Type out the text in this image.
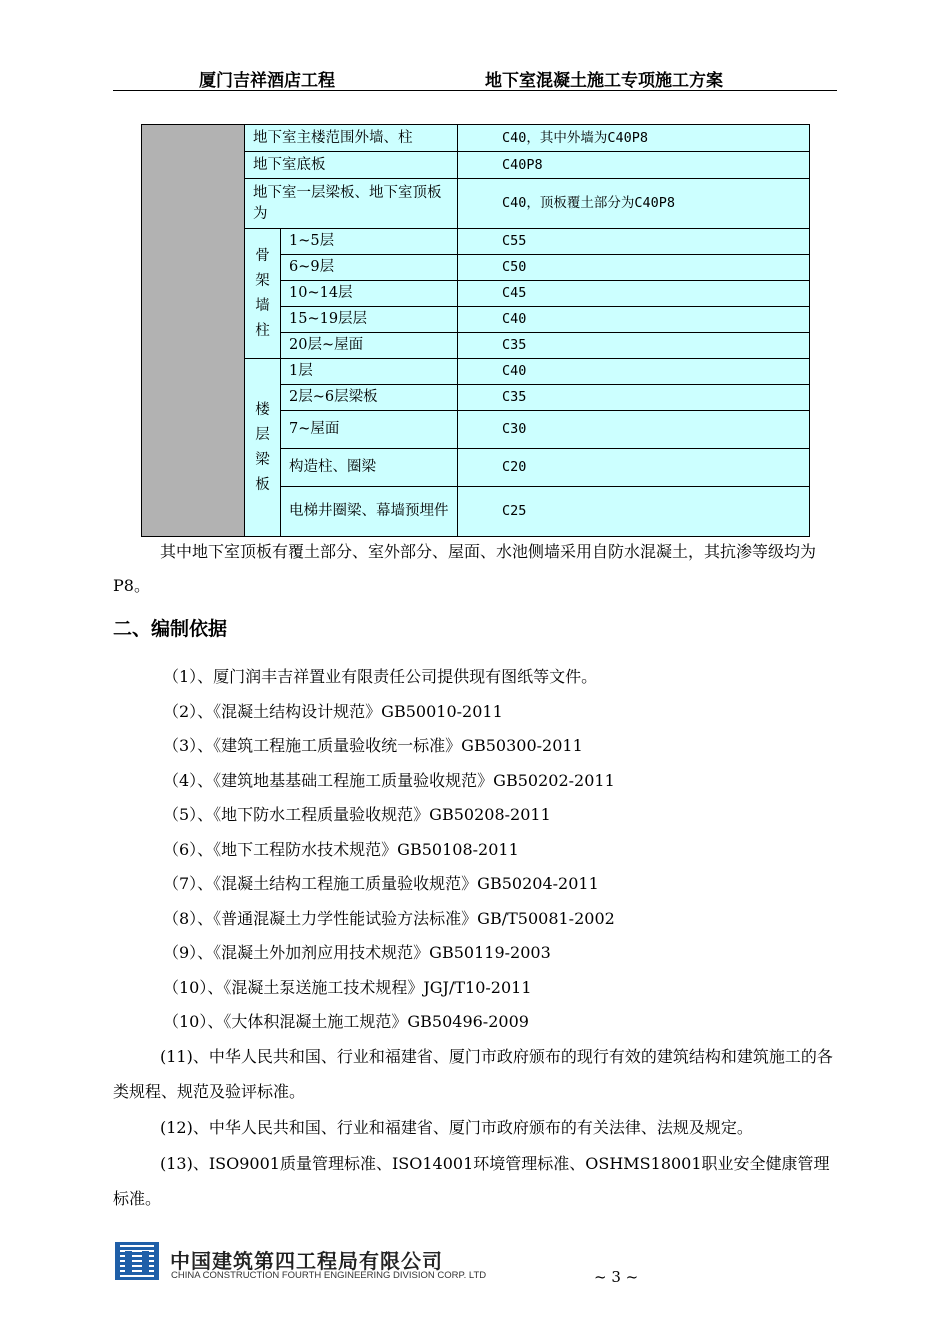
厦门吉祥酒店工程	地下室混凝土施工专项施工方案
	地下室主楼范围外墙、柱		C40，其中外墙为C40P8
	地下室底板		C40P8
	地下室一层梁板、地下室顶板为		C40，顶板覆土部分为C40P8

	骨架墙柱	1~5层	C55
		6~9层	C50
		10~14层	C45
		15~19层层	C40
		20层~屋面	C35

	楼层梁板	1层	C40
		2层~6层梁板	C35
		7~屋面	C30
		构造柱、圈梁	C20
		电梯井圈梁、幕墙预埋件	C25

其中地下室顶板有覆土部分、室外部分、屋面、水池侧墙采用自防水混凝土，其抗渗等级均为P8。

二、编制依据
（1）、厦门润丰吉祥置业有限责任公司提供现有图纸等文件。
（2）、《混凝土结构设计规范》GB50010-2011
（3）、《建筑工程施工质量验收统一标准》GB50300-2011
（4）、《建筑地基基础工程施工质量验收规范》GB50202-2011
（5）、《地下防水工程质量验收规范》GB50208-2011
（6）、《地下工程防水技术规范》GB50108-2011
（7）、《混凝土结构工程施工质量验收规范》GB50204-2011
（8）、《普通混凝土力学性能试验方法标准》GB/T50081-2002
（9）、《混凝土外加剂应用技术规范》GB50119-2003
（10）、《混凝土泵送施工技术规程》JGJ/T10-2011
（10）、《大体积混凝土施工规范》GB50496-2009

(11)、中华人民共和国、行业和福建省、厦门市政府颁布的现行有效的建筑结构和建筑施工的各类规程、规范及验评标准。

(12)、中华人民共和国、行业和福建省、厦门市政府颁布的有关法律、法规及规定。

(13)、ISO9001质量管理标准、ISO14001环境管理标准、OSHMS18001职业安全健康管理标准。

中国建筑第四工程局有限公司
CHINA CONSTRUCTION FOURTH ENGINEERING DIVISION CORP. LTD	~ 3 ~
